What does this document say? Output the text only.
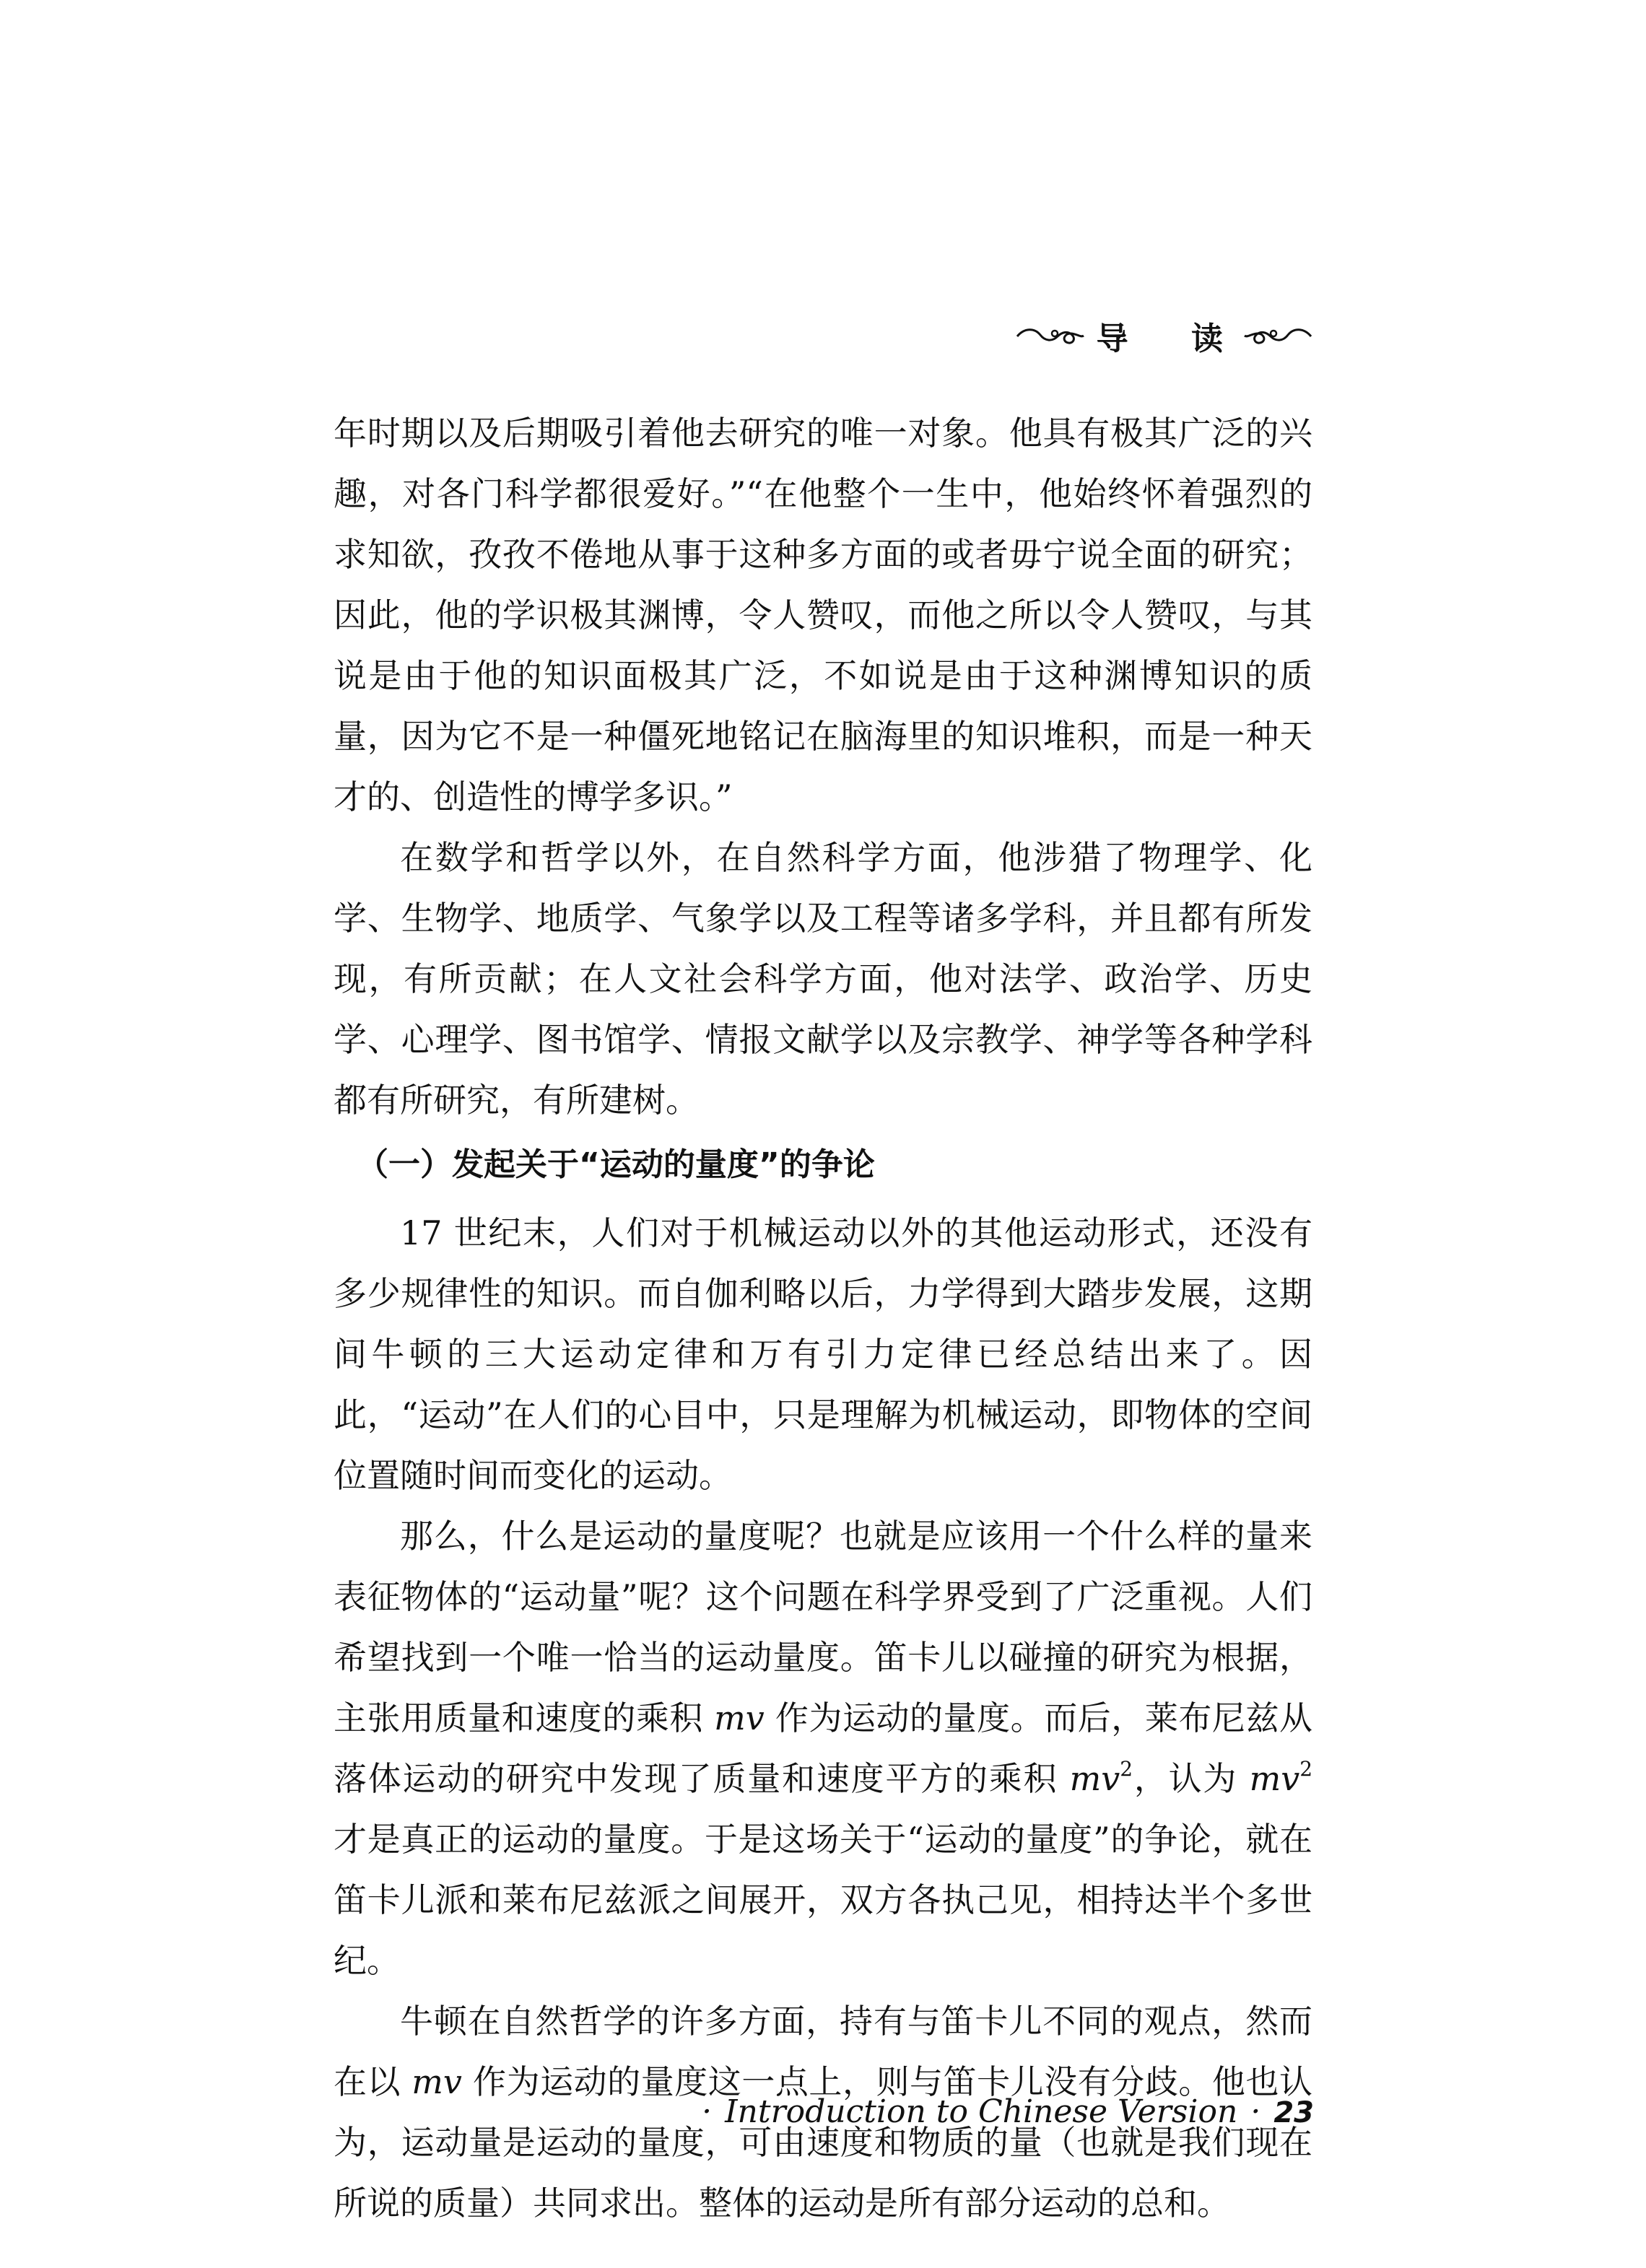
导 读

年时期以及后期吸引着他去研究的唯一对象。他具有极其广泛的兴趣，对各门科学都很爱好。”“在他整个一生中，他始终怀着强烈的求知欲，孜孜不倦地从事于这种多方面的或者毋宁说全面的研究；因此，他的学识极其渊博，令人赞叹，而他之所以令人赞叹，与其说是由于他的知识面极其广泛，不如说是由于这种渊博知识的质量，因为它不是一种僵死地铭记在脑海里的知识堆积，而是一种天才的、创造性的博学多识。”

在数学和哲学以外，在自然科学方面，他涉猎了物理学、化学、生物学、地质学、气象学以及工程等诸多学科，并且都有所发现，有所贡献；在人文社会科学方面，他对法学、政治学、历史学、心理学、图书馆学、情报文献学以及宗教学、神学等各种学科都有所研究，有所建树。

（一）发起关于“运动的量度”的争论

17 世纪末，人们对于机械运动以外的其他运动形式，还没有多少规律性的知识。而自伽利略以后，力学得到大踏步发展，这期间牛顿的三大运动定律和万有引力定律已经总结出来了。因此，“运动”在人们的心目中，只是理解为机械运动，即物体的空间位置随时间而变化的运动。

那么，什么是运动的量度呢？也就是应该用一个什么样的量来表征物体的“运动量”呢？这个问题在科学界受到了广泛重视。人们希望找到一个唯一恰当的运动量度。笛卡儿以碰撞的研究为根据，主张用质量和速度的乘积 mv 作为运动的量度。而后，莱布尼兹从落体运动的研究中发现了质量和速度平方的乘积 $mv^2$，认为 $mv^2$ 才是真正的运动的量度。于是这场关于“运动的量度”的争论，就在笛卡儿派和莱布尼兹派之间展开，双方各执己见，相持达半个多世纪。

牛顿在自然哲学的许多方面，持有与笛卡儿不同的观点，然而在以 mv 作为运动的量度这一点上，则与笛卡儿没有分歧。他也认为，运动量是运动的量度，可由速度和物质的量（也就是我们现在所说的质量）共同求出。整体的运动是所有部分运动的总和。

· Introduction to Chinese Version · 23
